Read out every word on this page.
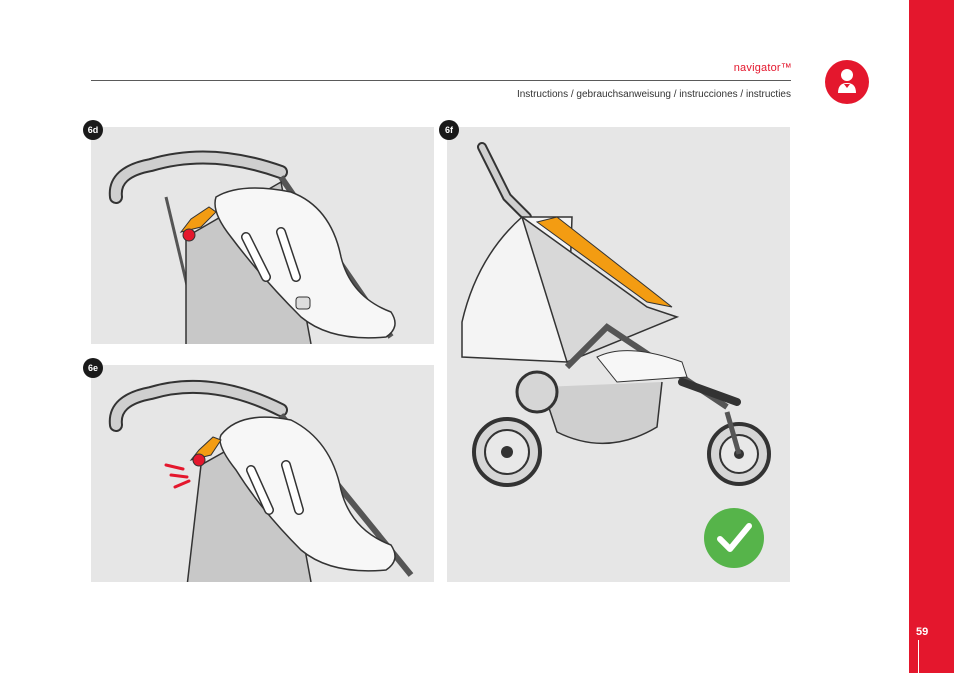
navigator™
Instructions / gebrauchsanweisung / instrucciones / instructies
59
6d
6e
6f
